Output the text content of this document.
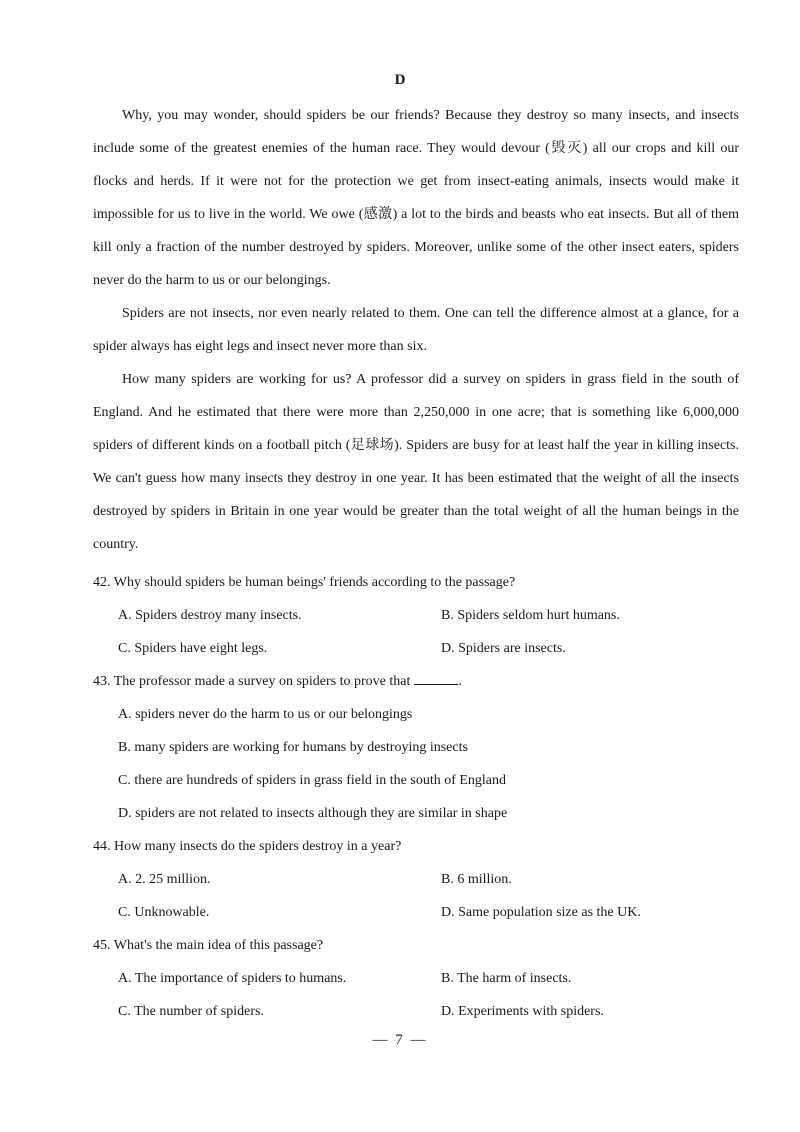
D

Why, you may wonder, should spiders be our friends? Because they destroy so many insects, and insects include some of the greatest enemies of the human race. They would devour (毁灭) all our crops and kill our flocks and herds. If it were not for the protection we get from insect-eating animals, insects would make it impossible for us to live in the world. We owe (感激) a lot to the birds and beasts who eat insects. But all of them kill only a fraction of the number destroyed by spiders. Moreover, unlike some of the other insect eaters, spiders never do the harm to us or our belongings.

Spiders are not insects, nor even nearly related to them. One can tell the difference almost at a glance, for a spider always has eight legs and insect never more than six.

How many spiders are working for us? A professor did a survey on spiders in grass field in the south of England. And he estimated that there were more than 2,250,000 in one acre; that is something like 6,000,000 spiders of different kinds on a football pitch (足球场). Spiders are busy for at least half the year in killing insects. We can't guess how many insects they destroy in one year. It has been estimated that the weight of all the insects destroyed by spiders in Britain in one year would be greater than the total weight of all the human beings in the country.

42. Why should spiders be human beings' friends according to the passage?
A. Spiders destroy many insects.	B. Spiders seldom hurt humans.
C. Spiders have eight legs.	D. Spiders are insects.
43. The professor made a survey on spiders to prove that	.
A. spiders never do the harm to us or our belongings
B. many spiders are working for humans by destroying insects
C. there are hundreds of spiders in grass field in the south of England
D. spiders are not related to insects although they are similar in shape
44. How many insects do the spiders destroy in a year?
A. 2. 25 million.	B. 6 million.
C. Unknowable.	D. Same population size as the UK.
45. What's the main idea of this passage?
A. The importance of spiders to humans.	B. The harm of insects.
C. The number of spiders.	D. Experiments with spiders.
— 7 —
